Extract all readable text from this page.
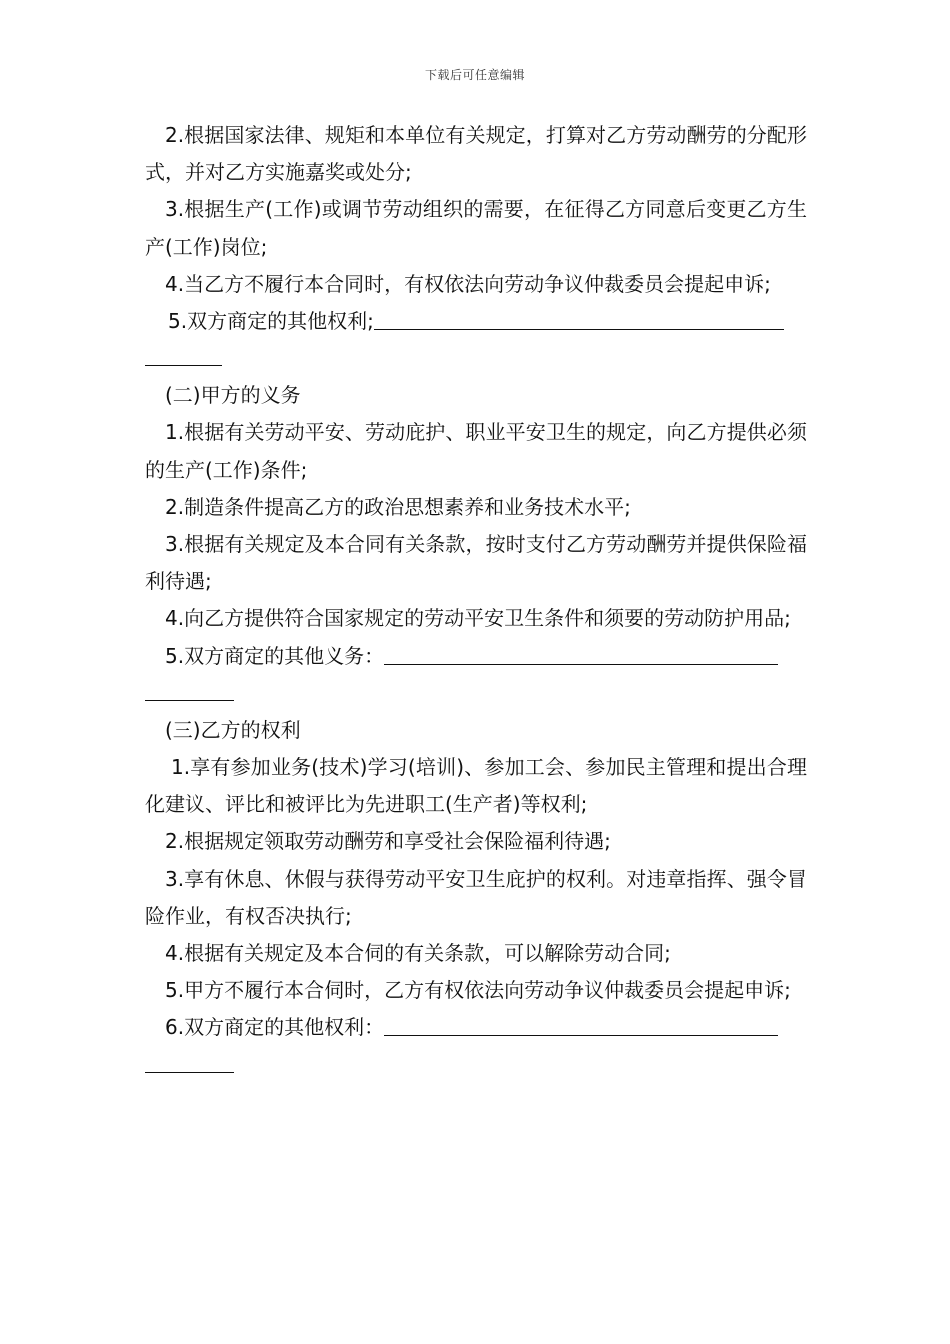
下载后可任意编辑

2.根据国家法律、规矩和本单位有关规定，打算对乙方劳动酬劳的分配形式，并对乙方实施嘉奖或处分;

3.根据生产(工作)或调节劳动组织的需要，在征得乙方同意后变更乙方生产(工作)岗位;

4.当乙方不履行本合同时，有权依法向劳动争议仲裁委员会提起申诉;

5.双方商定的其他权利;

(二)甲方的义务

1.根据有关劳动平安、劳动庇护、职业平安卫生的规定，向乙方提供必须的生产(工作)条件;

2.制造条件提高乙方的政治思想素养和业务技术水平;

3.根据有关规定及本合同有关条款，按时支付乙方劳动酬劳并提供保险福利待遇;

4.向乙方提供符合国家规定的劳动平安卫生条件和须要的劳动防护用品;

5.双方商定的其他义务：

(三)乙方的权利

1.享有参加业务(技术)学习(培训)、参加工会、参加民主管理和提出合理化建议、评比和被评比为先进职工(生产者)等权利;

2.根据规定领取劳动酬劳和享受社会保险福利待遇;

3.享有休息、休假与获得劳动平安卫生庇护的权利。对违章指挥、强令冒险作业，有权否决执行;

4.根据有关规定及本合伺的有关条款，可以解除劳动合同;

5.甲方不履行本合伺时，乙方有权依法向劳动争议仲裁委员会提起申诉;

6.双方商定的其他权利：
